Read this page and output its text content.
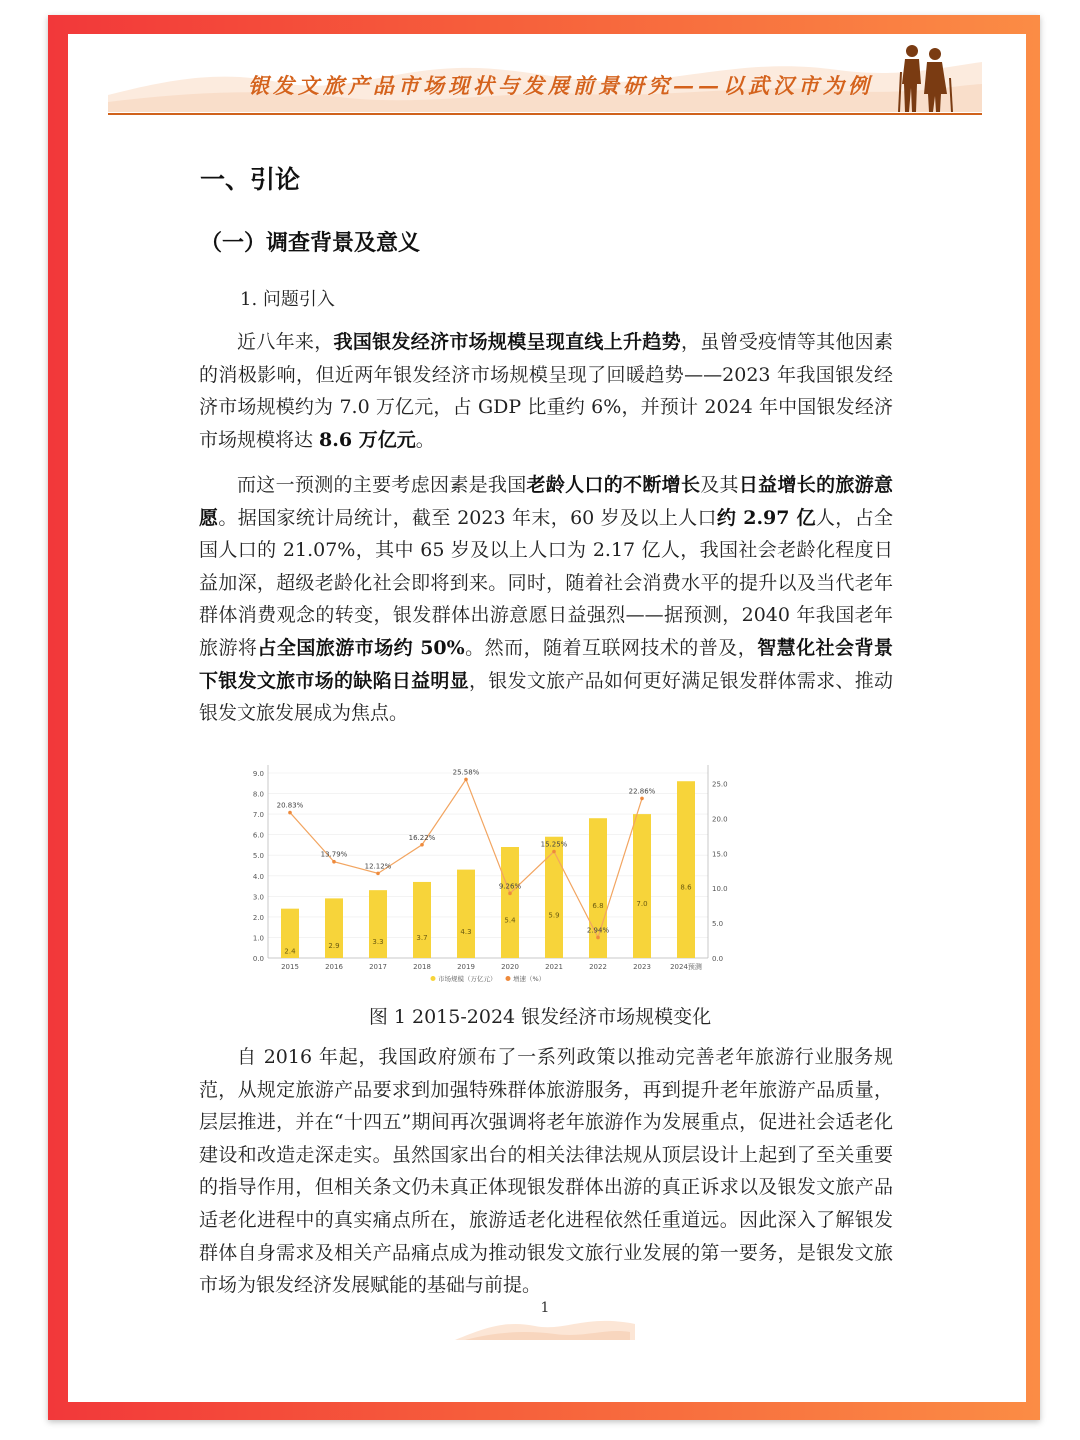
银发文旅产品市场现状与发展前景研究——以武汉市为例
一、引论
（一）调查背景及意义
1. 问题引入

近八年来，我国银发经济市场规模呈现直线上升趋势，虽曾受疫情等其他因素的消极影响，但近两年银发经济市场规模呈现了回暖趋势——2023 年我国银发经济市场规模约为 7.0 万亿元，占 GDP 比重约 6%，并预计 2024 年中国银发经济市场规模将达 8.6 万亿元。

而这一预测的主要考虑因素是我国老龄人口的不断增长及其日益增长的旅游意愿。据国家统计局统计，截至 2023 年末，60 岁及以上人口约 2.97 亿人，占全国人口的 21.07%，其中 65 岁及以上人口为 2.17 亿人，我国社会老龄化程度日益加深，超级老龄化社会即将到来。同时，随着社会消费水平的提升以及当代老年群体消费观念的转变，银发群体出游意愿日益强烈——据预测，2040 年我国老年旅游将占全国旅游市场约 50%。然而，随着互联网技术的普及，智慧化社会背景下银发文旅市场的缺陷日益明显，银发文旅产品如何更好满足银发群体需求、推动银发文旅发展成为焦点。

0.0
1.0
2.0
3.0
4.0
5.0
6.0
7.0
8.0
9.0
0.0
5.0
10.0
15.0
20.0
25.0
2.4
2015
2.9
2016
3.3
2017
3.7
2018
4.3
2019
5.4
2020
5.9
2021
6.8
2022
7.0
2023
8.6
2024预测
20.83%
13.79%
12.12%
16.22%
25.58%
9.26%
15.25%
2.94%
22.86%
市场规模（万亿元）	增速（%）
图 1 2015-2024 银发经济市场规模变化

自 2016 年起，我国政府颁布了一系列政策以推动完善老年旅游行业服务规范，从规定旅游产品要求到加强特殊群体旅游服务，再到提升老年旅游产品质量，层层推进，并在“十四五”期间再次强调将老年旅游作为发展重点，促进社会适老化建设和改造走深走实。虽然国家出台的相关法律法规从顶层设计上起到了至关重要的指导作用，但相关条文仍未真正体现银发群体出游的真正诉求以及银发文旅产品适老化进程中的真实痛点所在，旅游适老化进程依然任重道远。因此深入了解银发群体自身需求及相关产品痛点成为推动银发文旅行业发展的第一要务，是银发文旅市场为银发经济发展赋能的基础与前提。

1
